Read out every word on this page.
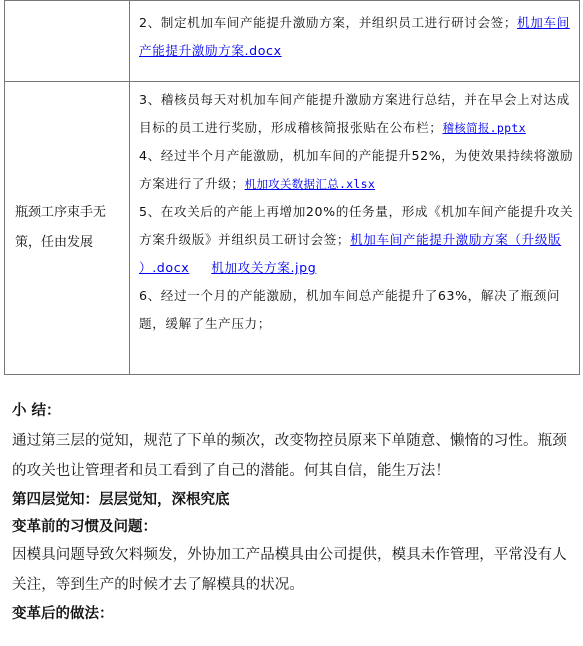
	2、制定机加车间产能提升激励方案，并组织员工进行研讨会签；机加车间产能提升激励方案.docx

瓶颈工序束手无策，任由发展	3、稽核员每天对机加车间产能提升激励方案进行总结，并在早会上对达成目标的员工进行奖励，形成稽核简报张贴在公布栏；稽核简报.pptx

4、经过半个月产能激励，机加车间的产能提升52%，为使效果持续将激励方案进行了升级；机加攻关数据汇总.xlsx

5、在攻关后的产能上再增加20%的任务量，形成《机加车间产能提升攻关方案升级版》并组织员工研讨会签；机加车间产能提升激励方案（升级版 ）.docx 机加攻关方案.jpg

6、经过一个月的产能激励，机加车间总产能提升了63%，解决了瓶颈问题，缓解了生产压力；

小 结：

通过第三层的觉知，规范了下单的频次，改变物控员原来下单随意、懒惰的习性。瓶颈的攻关也让管理者和员工看到了自己的潜能。何其自信，能生万法！

第四层觉知：层层觉知，深根究底

变革前的习惯及问题：

因模具问题导致欠料频发，外协加工产品模具由公司提供，模具未作管理，平常没有人关注，等到生产的时候才去了解模具的状况。

变革后的做法：
